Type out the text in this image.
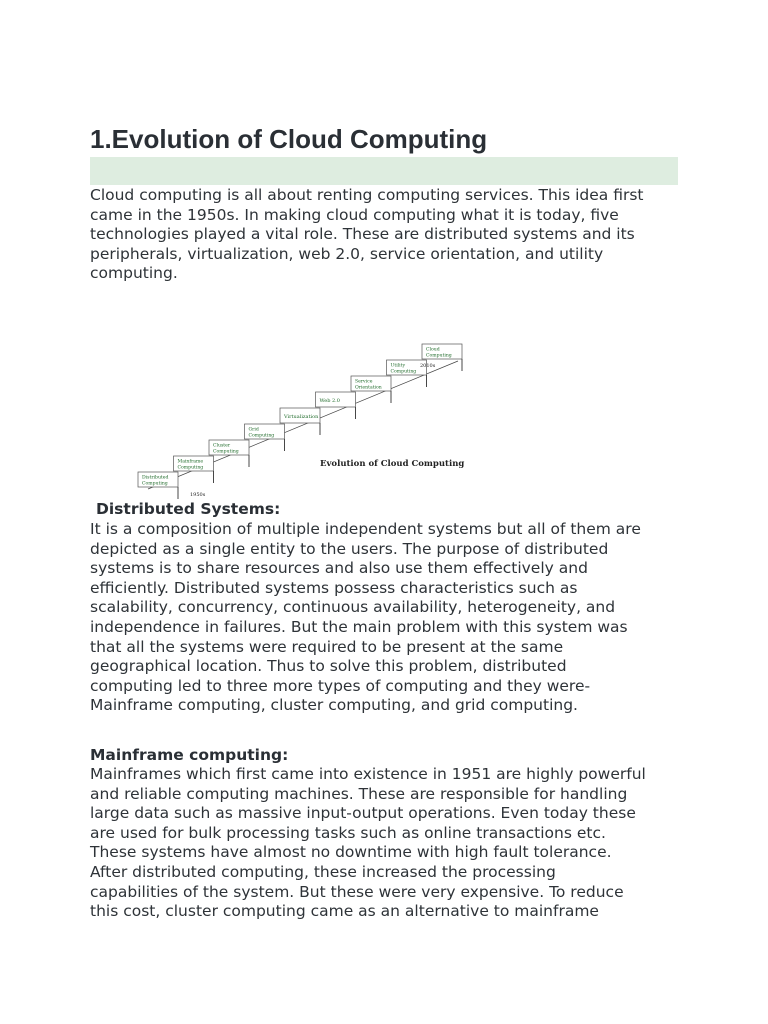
1.Evolution of Cloud Computing
Cloud computing is all about renting computing services. This idea first
came in the 1950s. In making cloud computing what it is today, five
technologies played a vital role. These are distributed systems and its
peripherals, virtualization, web 2.0, service orientation, and utility
computing.
Distributed
Computing
Mainframe
Computing
Cluster
Computing
Grid
Computing
Virtualization
Web 2.0
Service
Orientation
Utility
Computing
Cloud
Computing
1950s
2010s
Evolution of Cloud Computing
Distributed Systems:
It is a composition of multiple independent systems but all of them are
depicted as a single entity to the users. The purpose of distributed
systems is to share resources and also use them effectively and
efficiently. Distributed systems possess characteristics such as
scalability, concurrency, continuous availability, heterogeneity, and
independence in failures. But the main problem with this system was
that all the systems were required to be present at the same
geographical location. Thus to solve this problem, distributed
computing led to three more types of computing and they were-
Mainframe computing, cluster computing, and grid computing.
Mainframe computing:
Mainframes which first came into existence in 1951 are highly powerful
and reliable computing machines. These are responsible for handling
large data such as massive input-output operations. Even today these
are used for bulk processing tasks such as online transactions etc.
These systems have almost no downtime with high fault tolerance.
After distributed computing, these increased the processing
capabilities of the system. But these were very expensive. To reduce
this cost, cluster computing came as an alternative to mainframe
